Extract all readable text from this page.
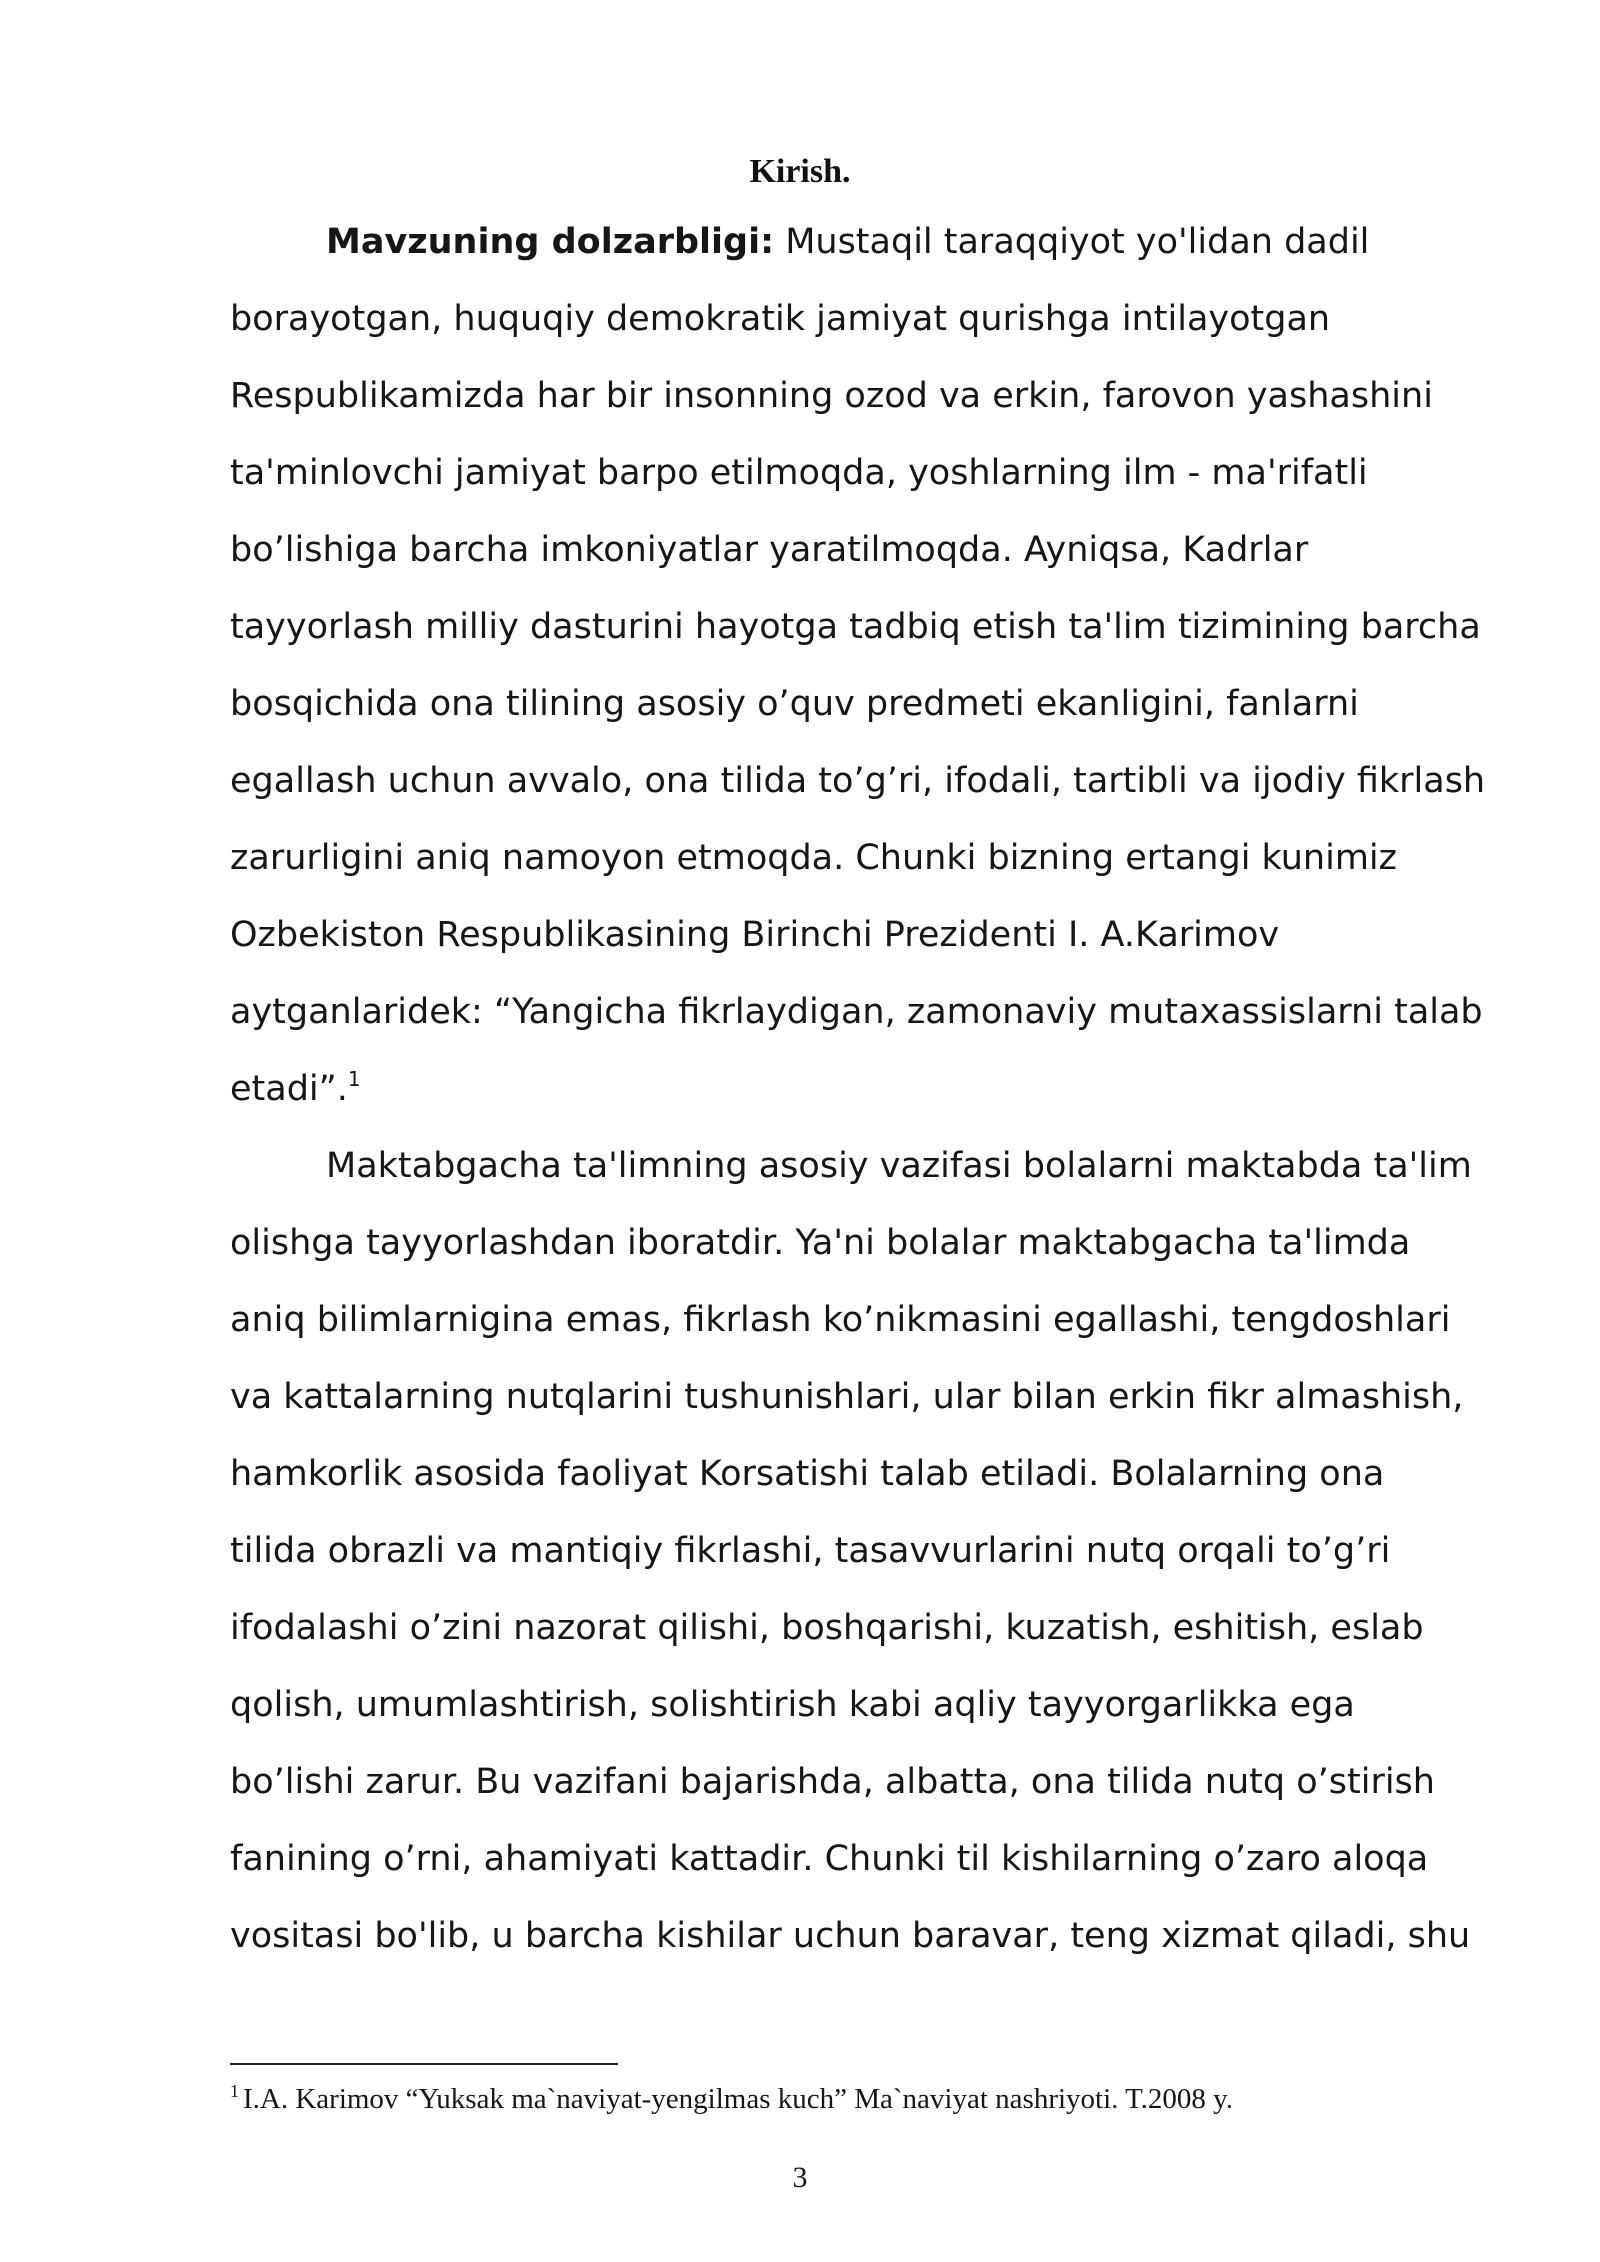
Kirish.
Mavzuning dolzarbligi: Mustaqil taraqqiyot yo'lidan dadil
borayotgan, huquqiy demokratik jamiyat qurishga intilayotgan
Respublikamizda har bir insonning ozod va erkin, farovon yashashini
ta'minlovchi jamiyat barpo etilmoqda, yoshlarning ilm - ma'rifatli
bo’lishiga barcha imkoniyatlar yaratilmoqda. Ayniqsa, Kadrlar
tayyorlash milliy dasturini hayotga tadbiq etish ta'lim tizimining barcha
bosqichida ona tilining asosiy o’quv predmeti ekanligini, fanlarni
egallash uchun avvalo, ona tilida to’g’ri, ifodali, tartibli va ijodiy fikrlash
zarurligini aniq namoyon etmoqda. Chunki bizning ertangi kunimiz
Ozbekiston Respublikasining Birinchi Prezidenti I. A.Karimov
aytganlaridek: “Yangicha fikrlaydigan, zamonaviy mutaxassislarni talab
etadi”.$^1$
Maktabgacha ta'limning asosiy vazifasi bolalarni maktabda ta'lim
olishga tayyorlashdan iboratdir. Ya'ni bolalar maktabgacha ta'limda
aniq bilimlarnigina emas, fikrlash ko’nikmasini egallashi, tengdoshlari
va kattalarning nutqlarini tushunishlari, ular bilan erkin fikr almashish,
hamkorlik asosida faoliyat Korsatishi talab etiladi. Bolalarning ona
tilida obrazli va mantiqiy fikrlashi, tasavvurlarini nutq orqali to’g’ri
ifodalashi o’zini nazorat qilishi, boshqarishi, kuzatish, eshitish, eslab
qolish, umumlashtirish, solishtirish kabi aqliy tayyorgarlikka ega
bo’lishi zarur. Bu vazifani bajarishda, albatta, ona tilida nutq o’stirish
fanining o’rni, ahamiyati kattadir. Chunki til kishilarning o’zaro aloqa
vositasi bo'lib, u barcha kishilar uchun baravar, teng xizmat qiladi, shu
$^1$ I.A. Karimov “Yuksak ma`naviyat-yengilmas kuch” Ma`naviyat nashriyoti. T.2008 y.
3
